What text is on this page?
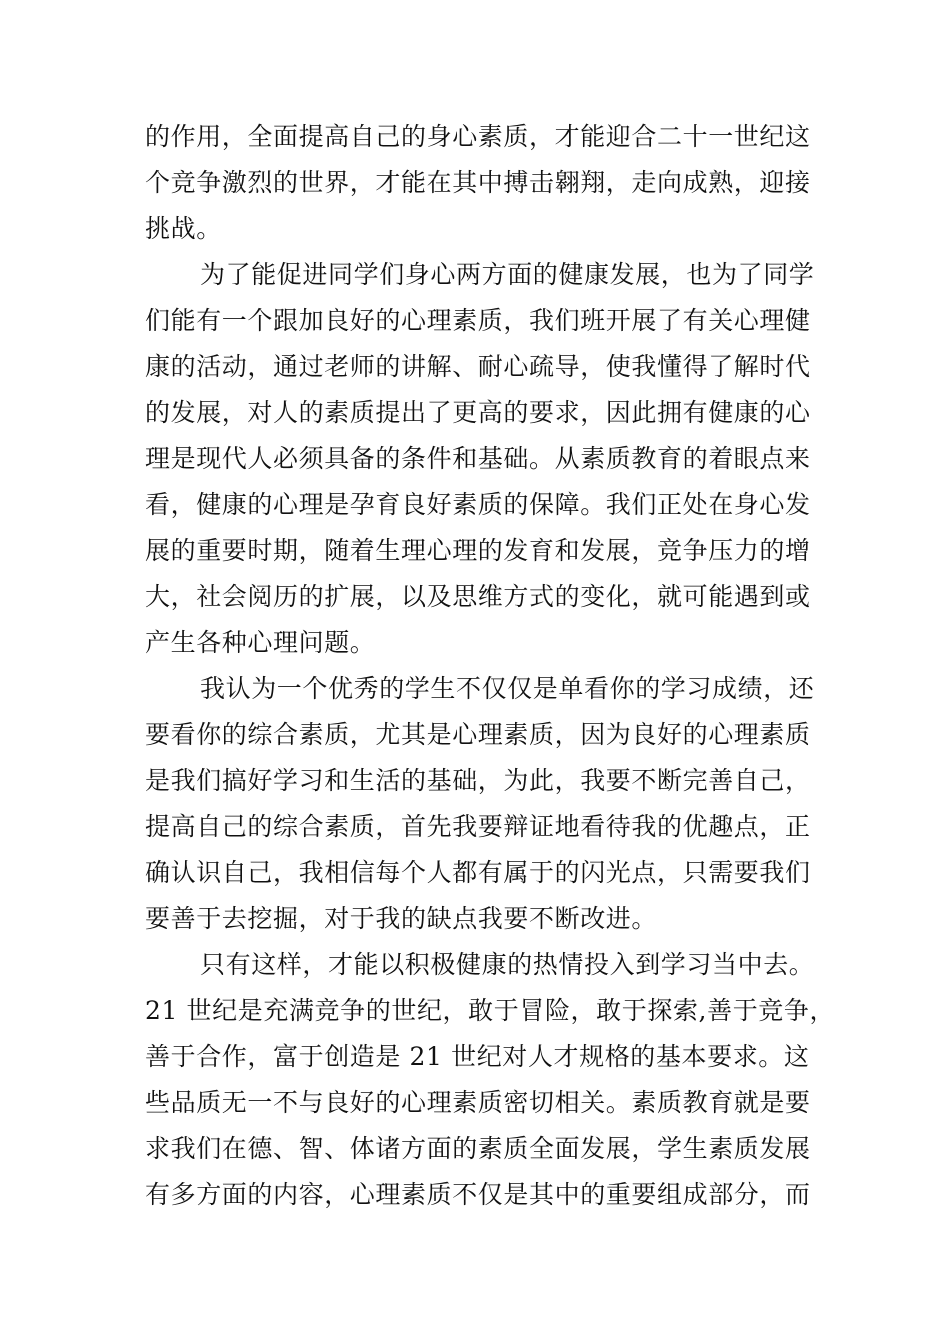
的作用，全面提高自己的身心素质，才能迎合二十一世纪这
个竞争激烈的世界，才能在其中搏击翱翔，走向成熟，迎接
挑战。
为了能促进同学们身心两方面的健康发展，也为了同学
们能有一个跟加良好的心理素质，我们班开展了有关心理健
康的活动，通过老师的讲解、耐心疏导，使我懂得了解时代
的发展，对人的素质提出了更高的要求，因此拥有健康的心
理是现代人必须具备的条件和基础。从素质教育的着眼点来
看，健康的心理是孕育良好素质的保障。我们正处在身心发
展的重要时期，随着生理心理的发育和发展，竞争压力的增
大，社会阅历的扩展，以及思维方式的变化，就可能遇到或
产生各种心理问题。
我认为一个优秀的学生不仅仅是单看你的学习成绩，还
要看你的综合素质，尤其是心理素质，因为良好的心理素质
是我们搞好学习和生活的基础，为此，我要不断完善自己，
提高自己的综合素质，首先我要辩证地看待我的优趣点，正
确认识自己，我相信每个人都有属于的闪光点，只需要我们
要善于去挖掘，对于我的缺点我要不断改进。
只有这样，才能以积极健康的热情投入到学习当中去。
21 世纪是充满竞争的世纪，敢于冒险，敢于探索,善于竞争，
善于合作，富于创造是 21 世纪对人才规格的基本要求。这
些品质无一不与良好的心理素质密切相关。素质教育就是要
求我们在德、智、体诸方面的素质全面发展，学生素质发展
有多方面的内容，心理素质不仅是其中的重要组成部分，而
